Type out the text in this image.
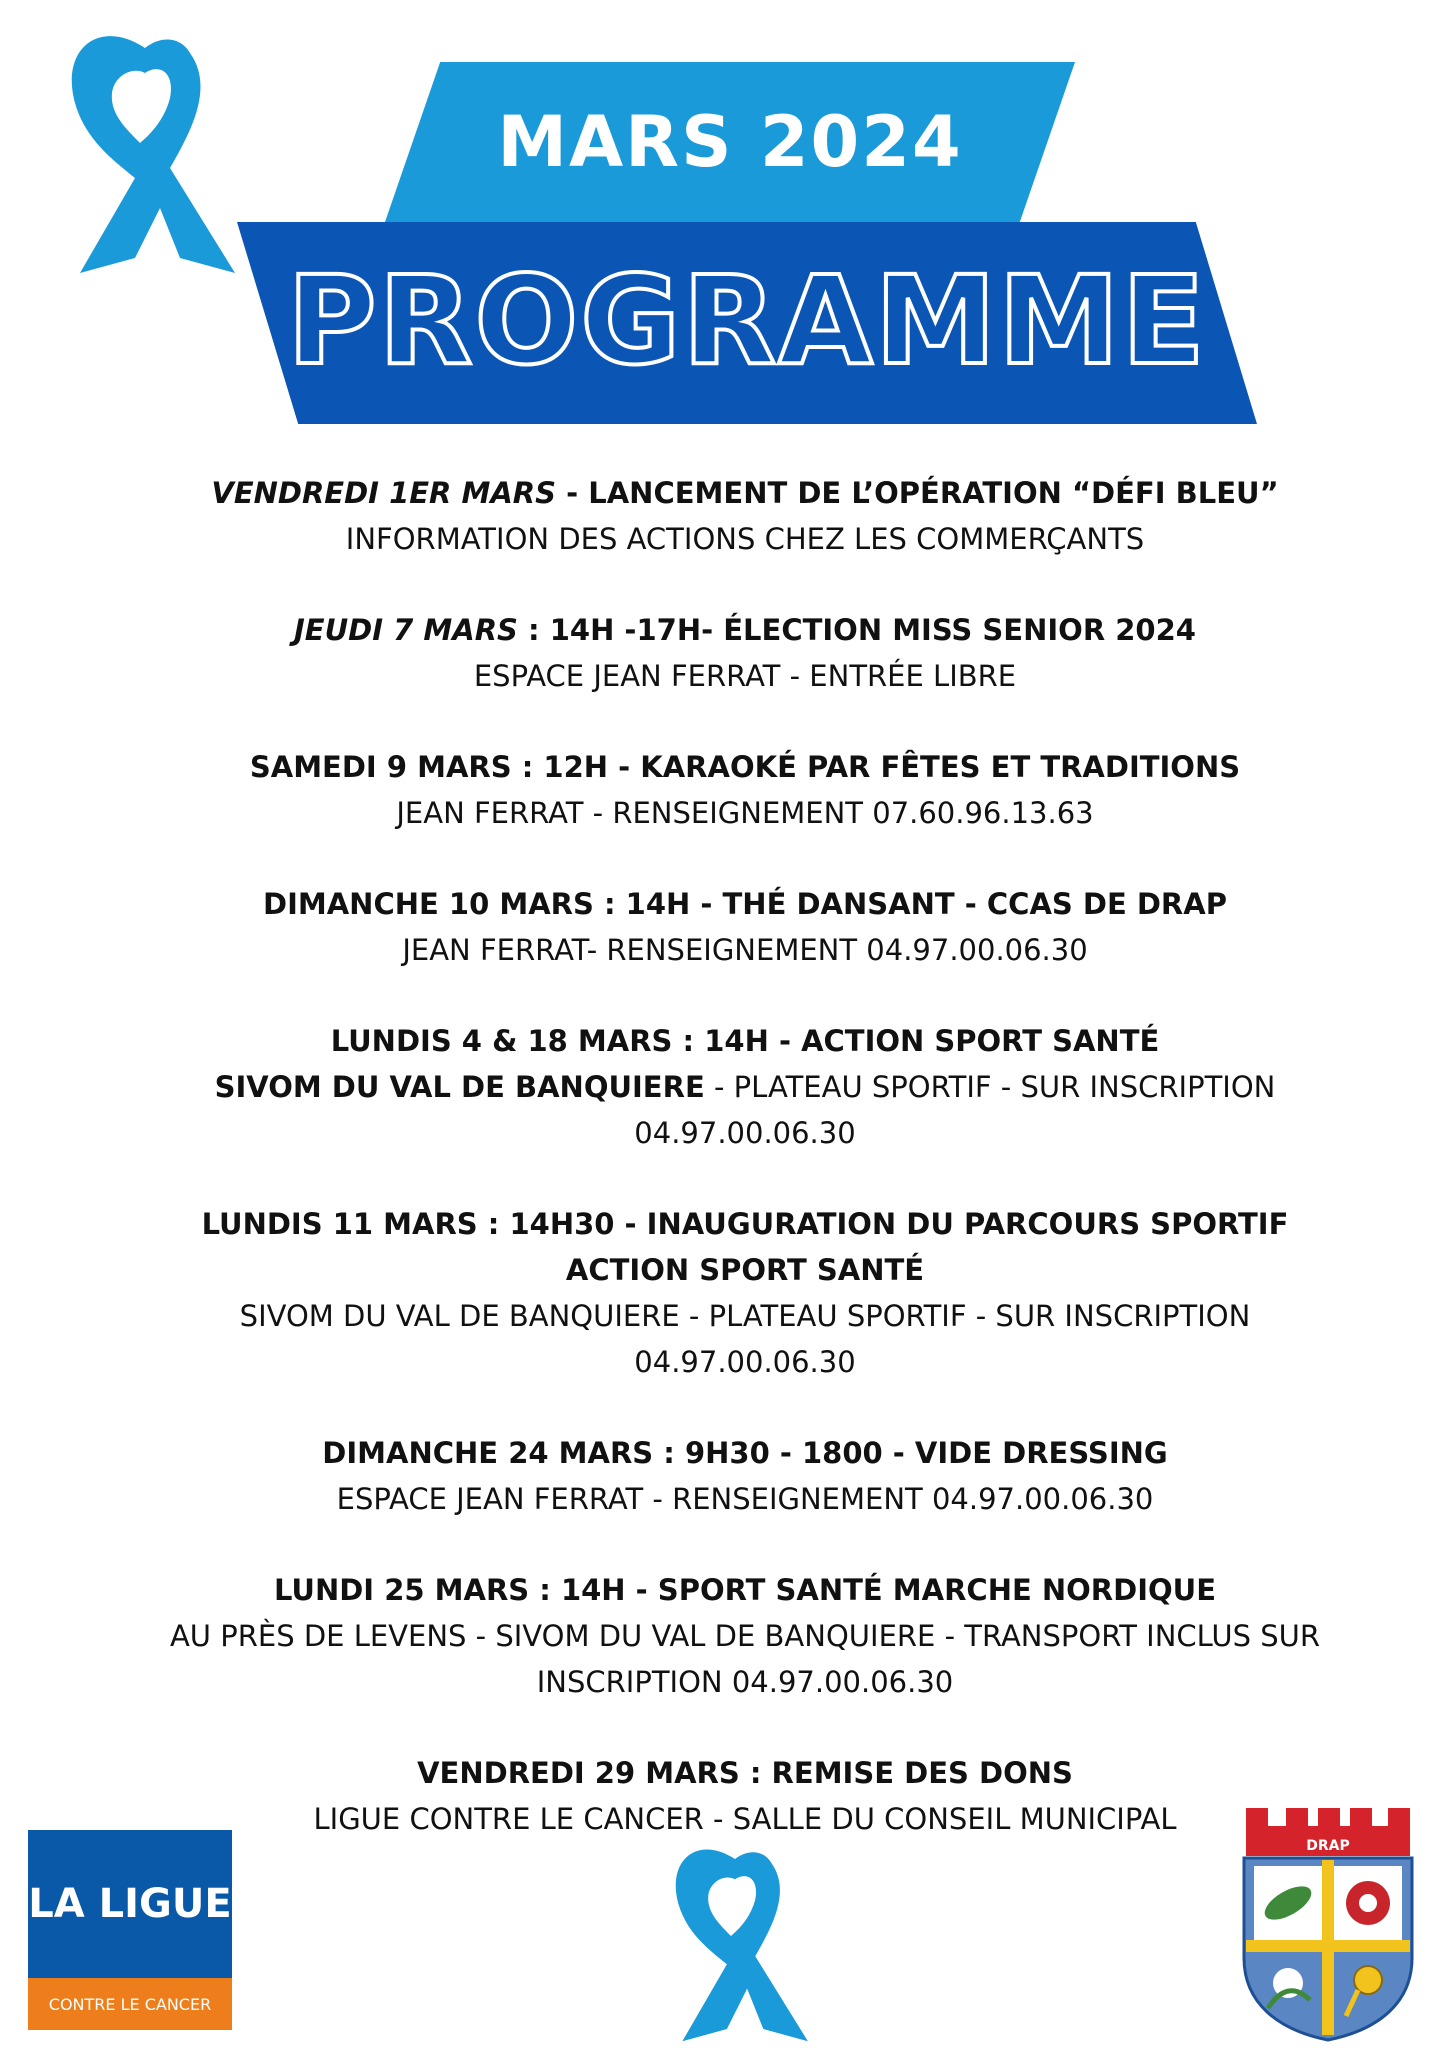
MARS 2024
PROGRAMME
VENDREDI 1ER MARS - LANCEMENT DE L’OPÉRATION “DÉFI BLEU”
INFORMATION DES ACTIONS CHEZ LES COMMERÇANTS
JEUDI 7 MARS : 14H -17H- ÉLECTION MISS SENIOR 2024
ESPACE JEAN FERRAT - ENTRÉE LIBRE
SAMEDI 9 MARS : 12H - KARAOKÉ PAR FÊTES ET TRADITIONS
JEAN FERRAT - RENSEIGNEMENT 07.60.96.13.63
DIMANCHE 10 MARS : 14H - THÉ DANSANT - CCAS DE DRAP
JEAN FERRAT- RENSEIGNEMENT 04.97.00.06.30
LUNDIS 4 & 18 MARS : 14H - ACTION SPORT SANTÉ
SIVOM DU VAL DE BANQUIERE - PLATEAU SPORTIF - SUR INSCRIPTION
04.97.00.06.30
LUNDIS 11 MARS : 14H30 - INAUGURATION DU PARCOURS SPORTIF
ACTION SPORT SANTÉ
SIVOM DU VAL DE BANQUIERE - PLATEAU SPORTIF - SUR INSCRIPTION
04.97.00.06.30
DIMANCHE 24 MARS : 9H30 - 1800 - VIDE DRESSING
ESPACE JEAN FERRAT - RENSEIGNEMENT 04.97.00.06.30
LUNDI 25 MARS : 14H - SPORT SANTÉ MARCHE NORDIQUE
AU PRÈS DE LEVENS - SIVOM DU VAL DE BANQUIERE - TRANSPORT INCLUS SUR
INSCRIPTION 04.97.00.06.30
VENDREDI 29 MARS : REMISE DES DONS
LIGUE CONTRE LE CANCER - SALLE DU CONSEIL MUNICIPAL
LA LIGUE
CONTRE LE CANCER
DRAP
